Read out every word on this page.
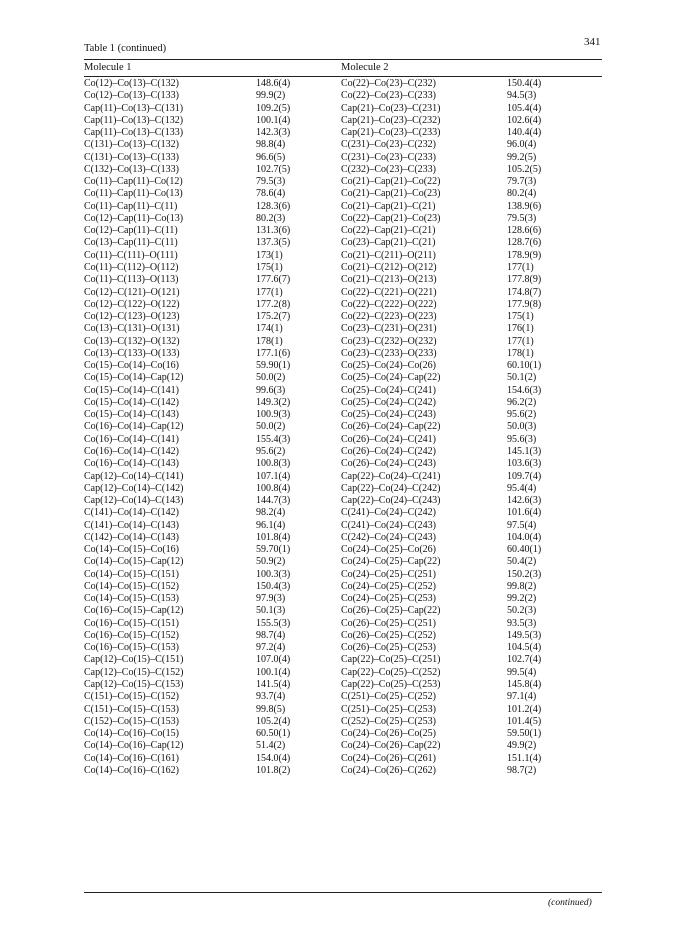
341
Table 1 (continued)
Molecule 1	Molecule 2
Co(12)–Co(13)–C(132)	148.6(4)	Co(22)–Co(23)–C(232)	150.4(4)
Co(12)–Co(13)–C(133)	99.9(2)	Co(22)–Co(23)–C(233)	94.5(3)
Cap(11)–Co(13)–C(131)	109.2(5)	Cap(21)–Co(23)–C(231)	105.4(4)
Cap(11)–Co(13)–C(132)	100.1(4)	Cap(21)–Co(23)–C(232)	102.6(4)
Cap(11)–Co(13)–C(133)	142.3(3)	Cap(21)–Co(23)–C(233)	140.4(4)
C(131)–Co(13)–C(132)	98.8(4)	C(231)–Co(23)–C(232)	96.0(4)
C(131)–Co(13)–C(133)	96.6(5)	C(231)–Co(23)–C(233)	99.2(5)
C(132)–Co(13)–C(133)	102.7(5)	C(232)–Co(23)–C(233)	105.2(5)
Co(11)–Cap(11)–Co(12)	79.5(3)	Co(21)–Cap(21)–Co(22)	79.7(3)
Co(11)–Cap(11)–Co(13)	78.6(4)	Co(21)–Cap(21)–Co(23)	80.2(4)
Co(11)–Cap(11)–C(11)	128.3(6)	Co(21)–Cap(21)–C(21)	138.9(6)
Co(12)–Cap(11)–Co(13)	80.2(3)	Co(22)–Cap(21)–Co(23)	79.5(3)
Co(12)–Cap(11)–C(11)	131.3(6)	Co(22)–Cap(21)–C(21)	128.6(6)
Co(13)–Cap(11)–C(11)	137.3(5)	Co(23)–Cap(21)–C(21)	128.7(6)
Co(11)–C(111)–O(111)	173(1)	Co(21)–C(211)–O(211)	178.9(9)
Co(11)–C(112)–O(112)	175(1)	Co(21)–C(212)–O(212)	177(1)
Co(11)–C(113)–O(113)	177.6(7)	Co(21)–C(213)–O(213)	177.8(9)
Co(12)–C(121)–O(121)	177(1)	Co(22)–C(221)–O(221)	174.8(7)
Co(12)–C(122)–O(122)	177.2(8)	Co(22)–C(222)–O(222)	177.9(8)
Co(12)–C(123)–O(123)	175.2(7)	Co(22)–C(223)–O(223)	175(1)
Co(13)–C(131)–O(131)	174(1)	Co(23)–C(231)–O(231)	176(1)
Co(13)–C(132)–O(132)	178(1)	Co(23)–C(232)–O(232)	177(1)
Co(13)–C(133)–O(133)	177.1(6)	Co(23)–C(233)–O(233)	178(1)
Co(15)–Co(14)–Co(16)	59.90(1)	Co(25)–Co(24)–Co(26)	60.10(1)
Co(15)–Co(14)–Cap(12)	50.0(2)	Co(25)–Co(24)–Cap(22)	50.1(2)
Co(15)–Co(14)–C(141)	99.6(3)	Co(25)–Co(24)–C(241)	154.6(3)
Co(15)–Co(14)–C(142)	149.3(2)	Co(25)–Co(24)–C(242)	96.2(2)
Co(15)–Co(14)–C(143)	100.9(3)	Co(25)–Co(24)–C(243)	95.6(2)
Co(16)–Co(14)–Cap(12)	50.0(2)	Co(26)–Co(24)–Cap(22)	50.0(3)
Co(16)–Co(14)–C(141)	155.4(3)	Co(26)–Co(24)–C(241)	95.6(3)
Co(16)–Co(14)–C(142)	95.6(2)	Co(26)–Co(24)–C(242)	145.1(3)
Co(16)–Co(14)–C(143)	100.8(3)	Co(26)–Co(24)–C(243)	103.6(3)
Cap(12)–Co(14)–C(141)	107.1(4)	Cap(22)–Co(24)–C(241)	109.7(4)
Cap(12)–Co(14)–C(142)	100.8(4)	Cap(22)–Co(24)–C(242)	95.4(4)
Cap(12)–Co(14)–C(143)	144.7(3)	Cap(22)–Co(24)–C(243)	142.6(3)
C(141)–Co(14)–C(142)	98.2(4)	C(241)–Co(24)–C(242)	101.6(4)
C(141)–Co(14)–C(143)	96.1(4)	C(241)–Co(24)–C(243)	97.5(4)
C(142)–Co(14)–C(143)	101.8(4)	C(242)–Co(24)–C(243)	104.0(4)
Co(14)–Co(15)–Co(16)	59.70(1)	Co(24)–Co(25)–Co(26)	60.40(1)
Co(14)–Co(15)–Cap(12)	50.9(2)	Co(24)–Co(25)–Cap(22)	50.4(2)
Co(14)–Co(15)–C(151)	100.3(3)	Co(24)–Co(25)–C(251)	150.2(3)
Co(14)–Co(15)–C(152)	150.4(3)	Co(24)–Co(25)–C(252)	99.8(2)
Co(14)–Co(15)–C(153)	97.9(3)	Co(24)–Co(25)–C(253)	99.2(2)
Co(16)–Co(15)–Cap(12)	50.1(3)	Co(26)–Co(25)–Cap(22)	50.2(3)
Co(16)–Co(15)–C(151)	155.5(3)	Co(26)–Co(25)–C(251)	93.5(3)
Co(16)–Co(15)–C(152)	98.7(4)	Co(26)–Co(25)–C(252)	149.5(3)
Co(16)–Co(15)–C(153)	97.2(4)	Co(26)–Co(25)–C(253)	104.5(4)
Cap(12)–Co(15)–C(151)	107.0(4)	Cap(22)–Co(25)–C(251)	102.7(4)
Cap(12)–Co(15)–C(152)	100.1(4)	Cap(22)–Co(25)–C(252)	99.5(4)
Cap(12)–Co(15)–C(153)	141.5(4)	Cap(22)–Co(25)–C(253)	145.8(4)
C(151)–Co(15)–C(152)	93.7(4)	C(251)–Co(25)–C(252)	97.1(4)
C(151)–Co(15)–C(153)	99.8(5)	C(251)–Co(25)–C(253)	101.2(4)
C(152)–Co(15)–C(153)	105.2(4)	C(252)–Co(25)–C(253)	101.4(5)
Co(14)–Co(16)–Co(15)	60.50(1)	Co(24)–Co(26)–Co(25)	59.50(1)
Co(14)–Co(16)–Cap(12)	51.4(2)	Co(24)–Co(26)–Cap(22)	49.9(2)
Co(14)–Co(16)–C(161)	154.0(4)	Co(24)–Co(26)–C(261)	151.1(4)
Co(14)–Co(16)–C(162)	101.8(2)	Co(24)–Co(26)–C(262)	98.7(2)
(continued)
